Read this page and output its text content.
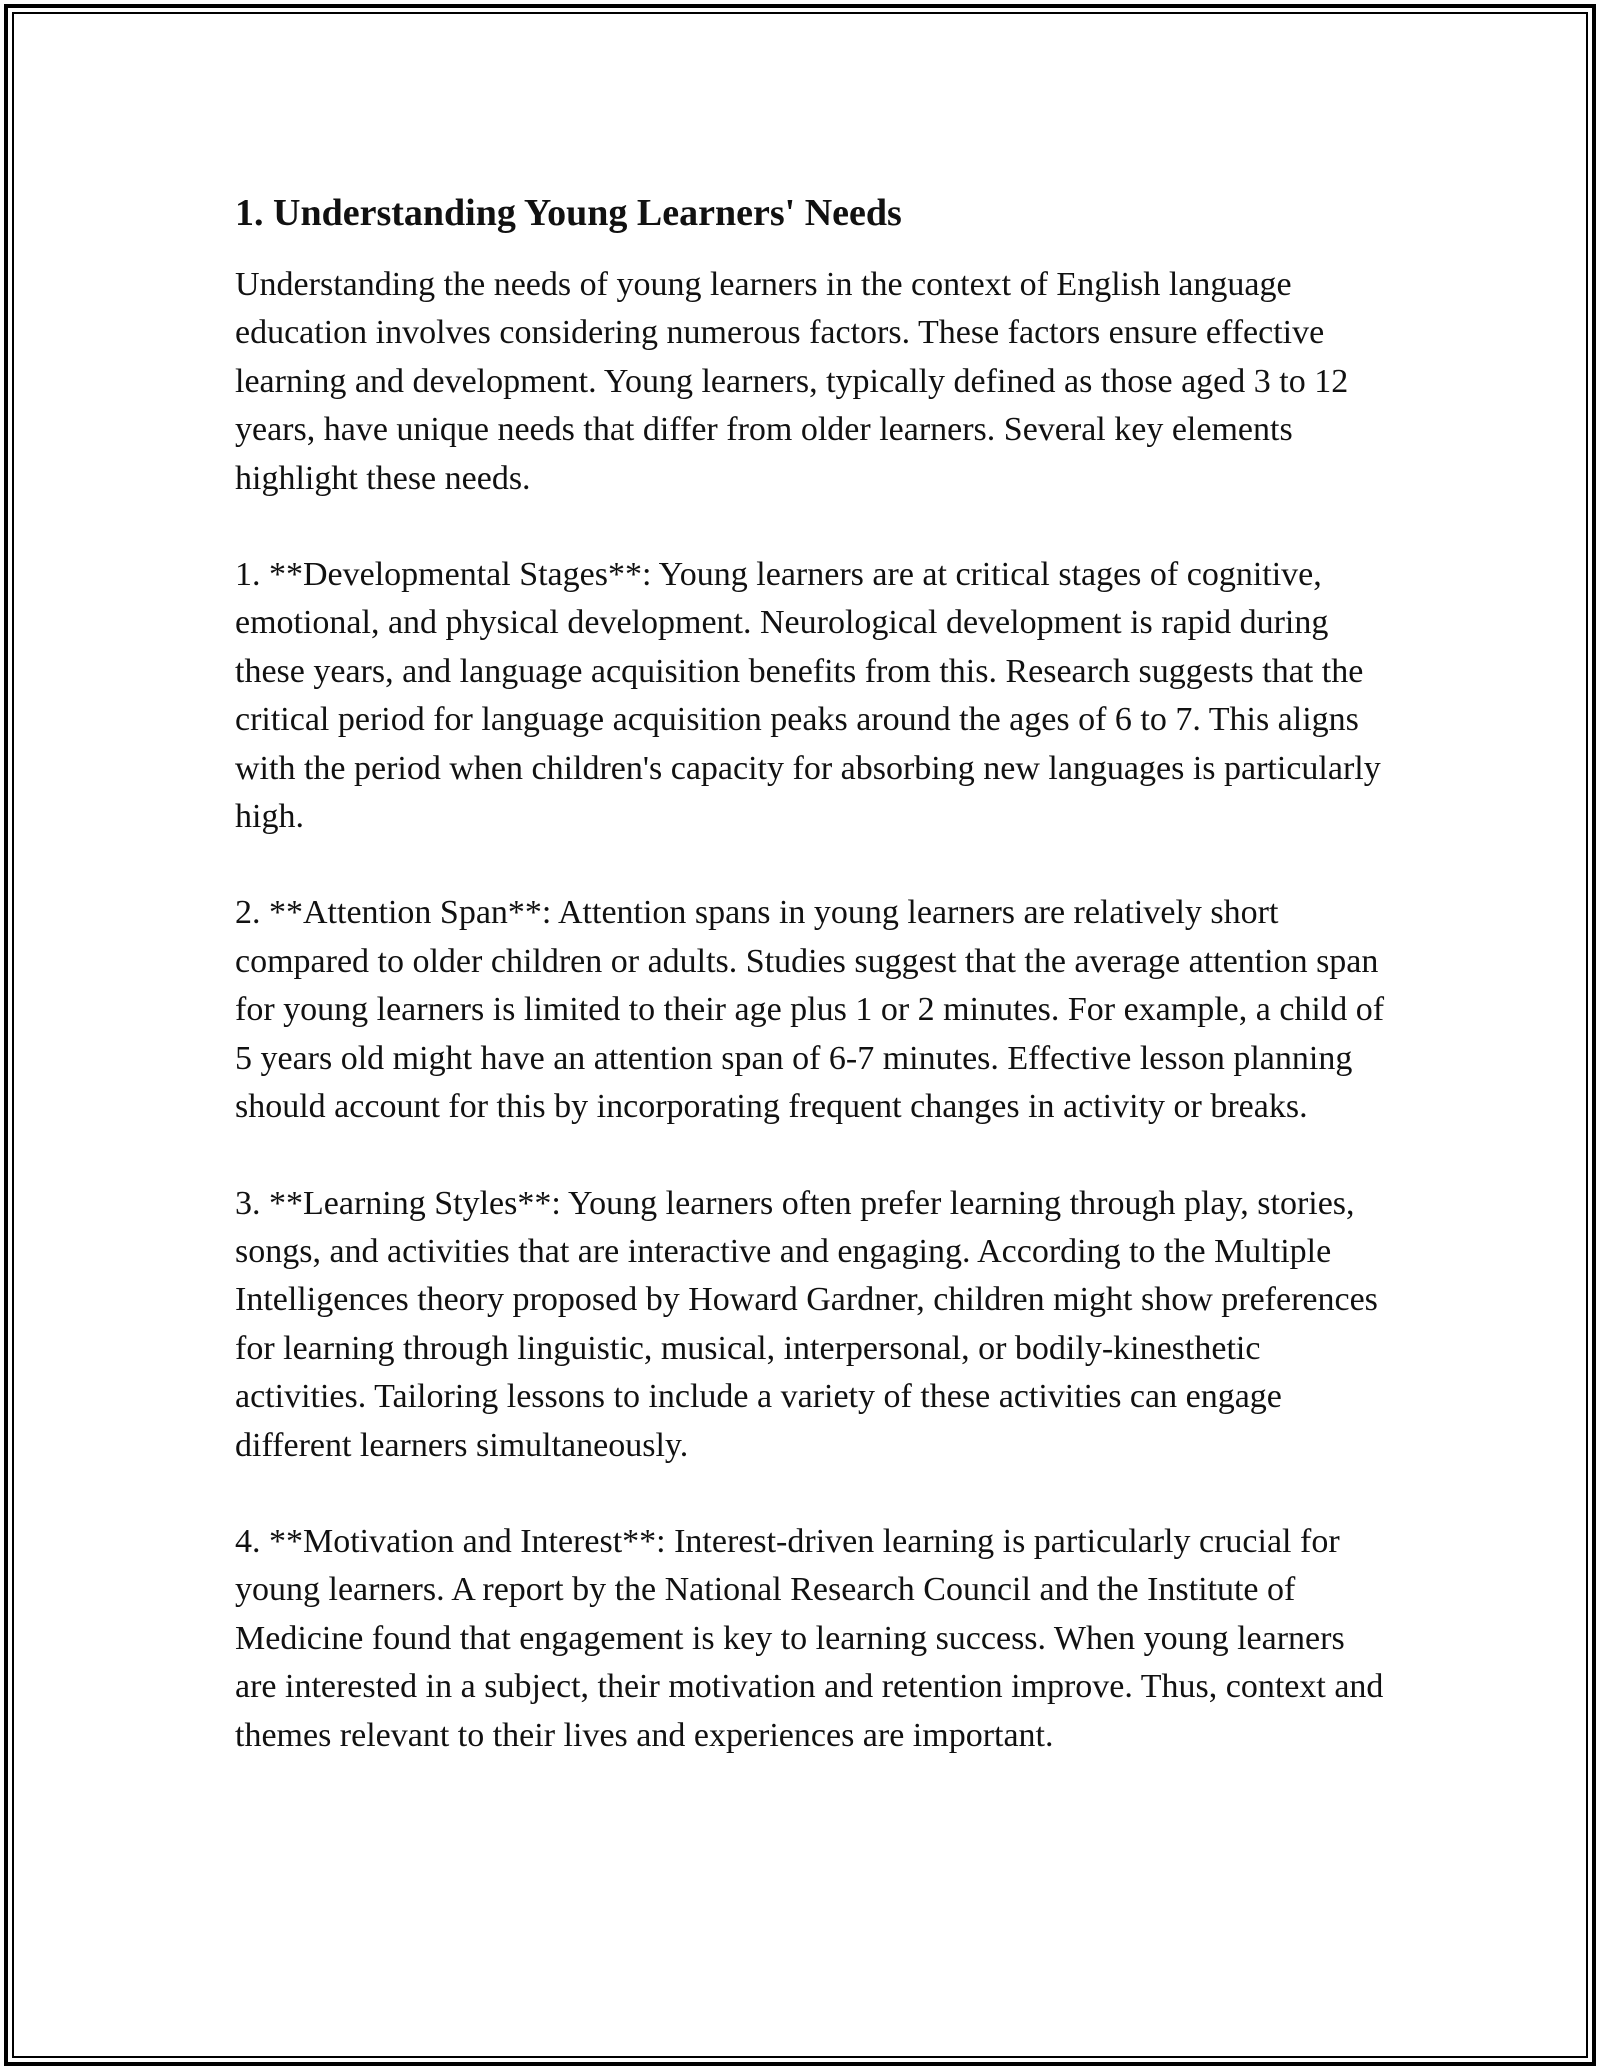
1. Understanding Young Learners' Needs

Understanding the needs of young learners in the context of English language education involves considering numerous factors. These factors ensure effective learning and development. Young learners, typically defined as those aged 3 to 12 years, have unique needs that differ from older learners. Several key elements highlight these needs.

1. **Developmental Stages**: Young learners are at critical stages of cognitive, emotional, and physical development. Neurological development is rapid during these years, and language acquisition benefits from this. Research suggests that the critical period for language acquisition peaks around the ages of 6 to 7. This aligns with the period when children's capacity for absorbing new languages is particularly high.

2. **Attention Span**: Attention spans in young learners are relatively short compared to older children or adults. Studies suggest that the average attention span for young learners is limited to their age plus 1 or 2 minutes. For example, a child of 5 years old might have an attention span of 6-7 minutes. Effective lesson planning should account for this by incorporating frequent changes in activity or breaks.

3. **Learning Styles**: Young learners often prefer learning through play, stories, songs, and activities that are interactive and engaging. According to the Multiple Intelligences theory proposed by Howard Gardner, children might show preferences for learning through linguistic, musical, interpersonal, or bodily-kinesthetic activities. Tailoring lessons to include a variety of these activities can engage different learners simultaneously.

4. **Motivation and Interest**: Interest-driven learning is particularly crucial for young learners. A report by the National Research Council and the Institute of Medicine found that engagement is key to learning success. When young learners are interested in a subject, their motivation and retention improve. Thus, context and themes relevant to their lives and experiences are important.
